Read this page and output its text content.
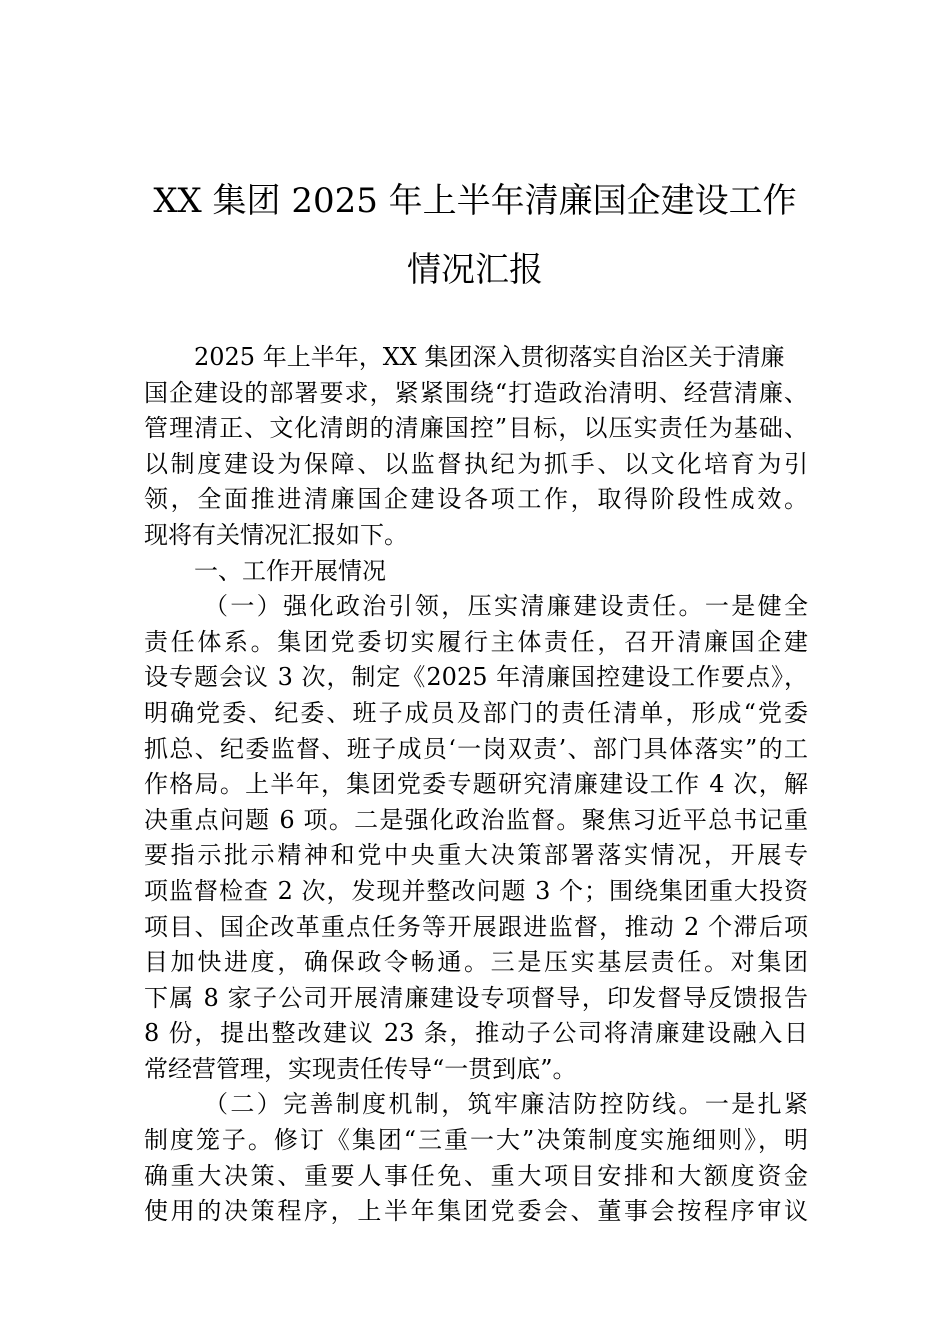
XX 集团 2025 年上半年清廉国企建设工作
情况汇报
2025 年上半年，XX 集团深入贯彻落实自治区关于清廉
国企建设的部署要求，紧紧围绕“打造政治清明、经营清廉、
管理清正、文化清朗的清廉国控”目标，以压实责任为基础、
以制度建设为保障、以监督执纪为抓手、以文化培育为引
领，全面推进清廉国企建设各项工作，取得阶段性成效。
现将有关情况汇报如下。
一、工作开展情况
（一）强化政治引领，压实清廉建设责任。一是健全
责任体系。集团党委切实履行主体责任，召开清廉国企建
设专题会议 3 次，制定《2025 年清廉国控建设工作要点》，
明确党委、纪委、班子成员及部门的责任清单，形成“党委
抓总、纪委监督、班子成员‘一岗双责’、部门具体落实”的工
作格局。上半年，集团党委专题研究清廉建设工作 4 次，解
决重点问题 6 项。二是强化政治监督。聚焦习近平总书记重
要指示批示精神和党中央重大决策部署落实情况，开展专
项监督检查 2 次，发现并整改问题 3 个；围绕集团重大投资
项目、国企改革重点任务等开展跟进监督，推动 2 个滞后项
目加快进度，确保政令畅通。三是压实基层责任。对集团
下属 8 家子公司开展清廉建设专项督导，印发督导反馈报告
8 份，提出整改建议 23 条，推动子公司将清廉建设融入日
常经营管理，实现责任传导“一贯到底”。
（二）完善制度机制，筑牢廉洁防控防线。一是扎紧
制度笼子。修订《集团“三重一大”决策制度实施细则》，明
确重大决策、重要人事任免、重大项目安排和大额度资金
使用的决策程序，上半年集团党委会、董事会按程序审议
